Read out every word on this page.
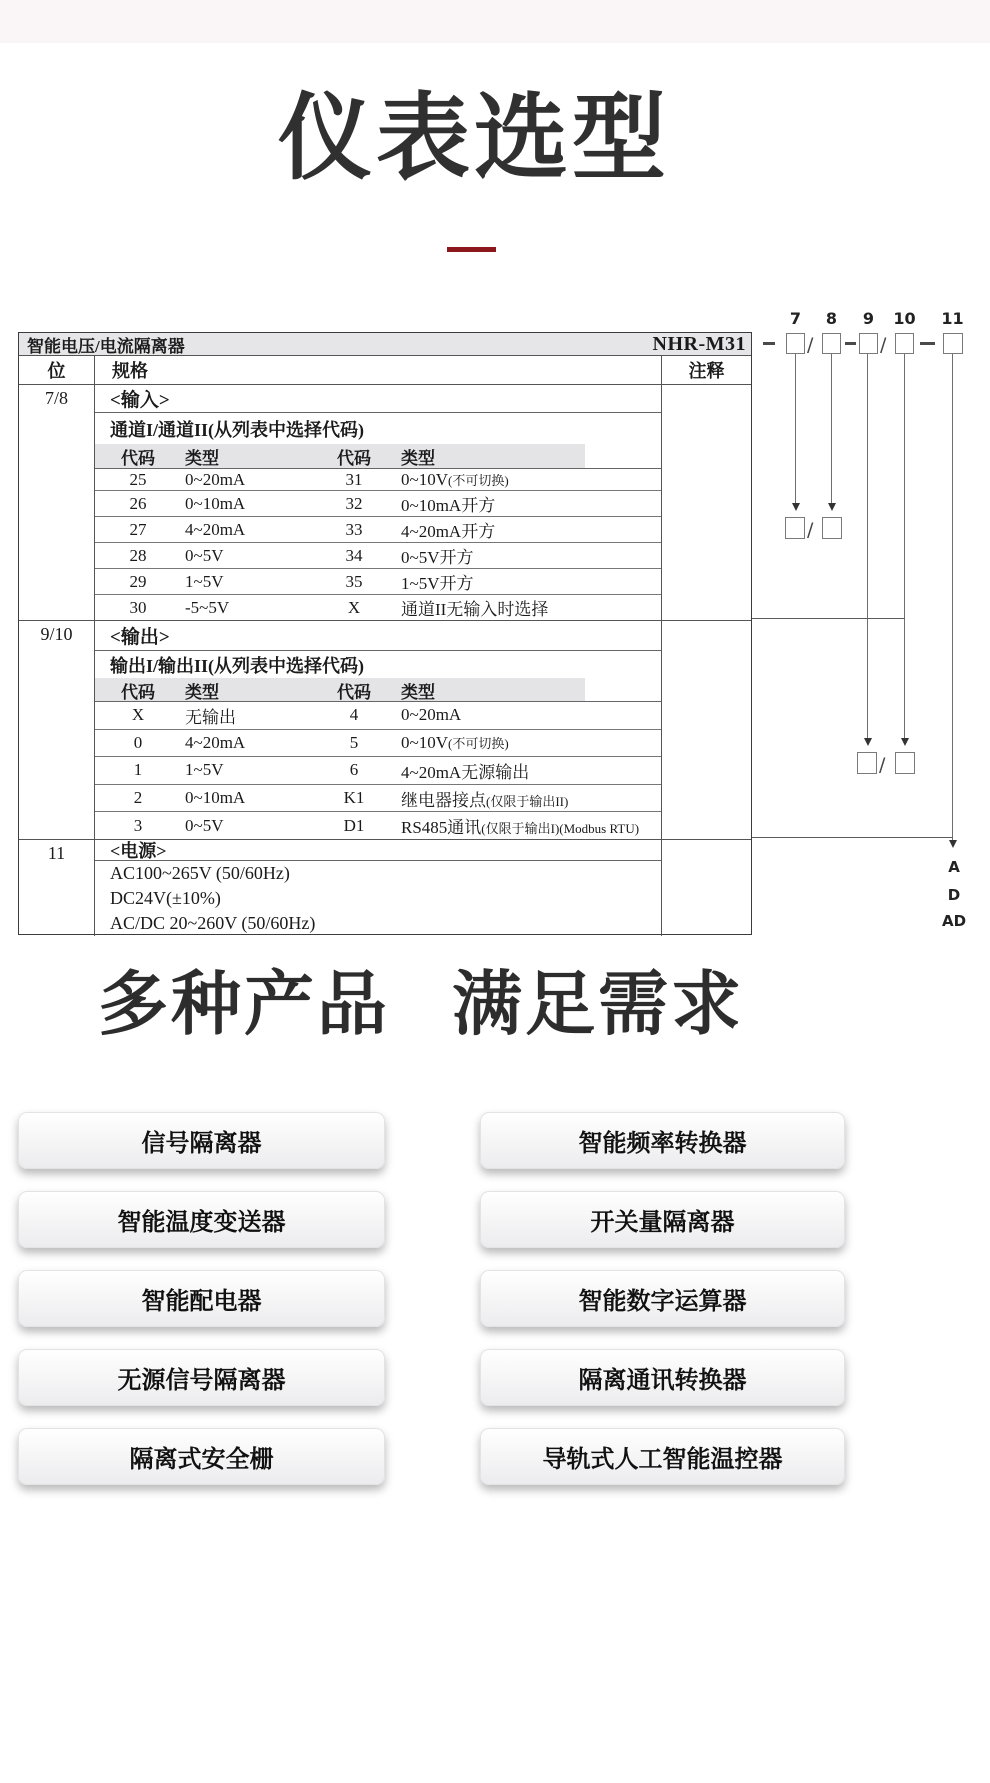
仪表选型
智能电压/电流隔离器	NHR-M31
位	规格	注释
7/8	<输入>
通道I/通道II(从列表中选择代码)
代码	类型	代码	类型
25	0~20mA	31	0~10V(不可切换)
26	0~10mA	32	0~10mA开方
27	4~20mA	33	4~20mA开方
28	0~5V	34	0~5V开方
29	1~5V	35	1~5V开方
30	-5~5V	X	通道II无输入时选择
9/10	<输出>
输出I/输出II(从列表中选择代码)
代码	类型	代码	类型
X	无输出	4	0~20mA
0	4~20mA	5	0~10V(不可切换)
1	1~5V	6	4~20mA无源输出
2	0~10mA	K1	继电器接点(仅限于输出II)
3	0~5V	D1	RS485通讯(仅限于输出I)(Modbus RTU)
11	<电源>
AC100~265V (50/60Hz)
DC24V(±10%)
AC/DC 20~260V (50/60Hz)
7	8	9	10 11
/	/
/
/
A
D
AD
多种产品 满足需求
信号隔离器
智能温度变送器
智能配电器
无源信号隔离器
隔离式安全栅
智能频率转换器
开关量隔离器
智能数字运算器
隔离通讯转换器
导轨式人工智能温控器
